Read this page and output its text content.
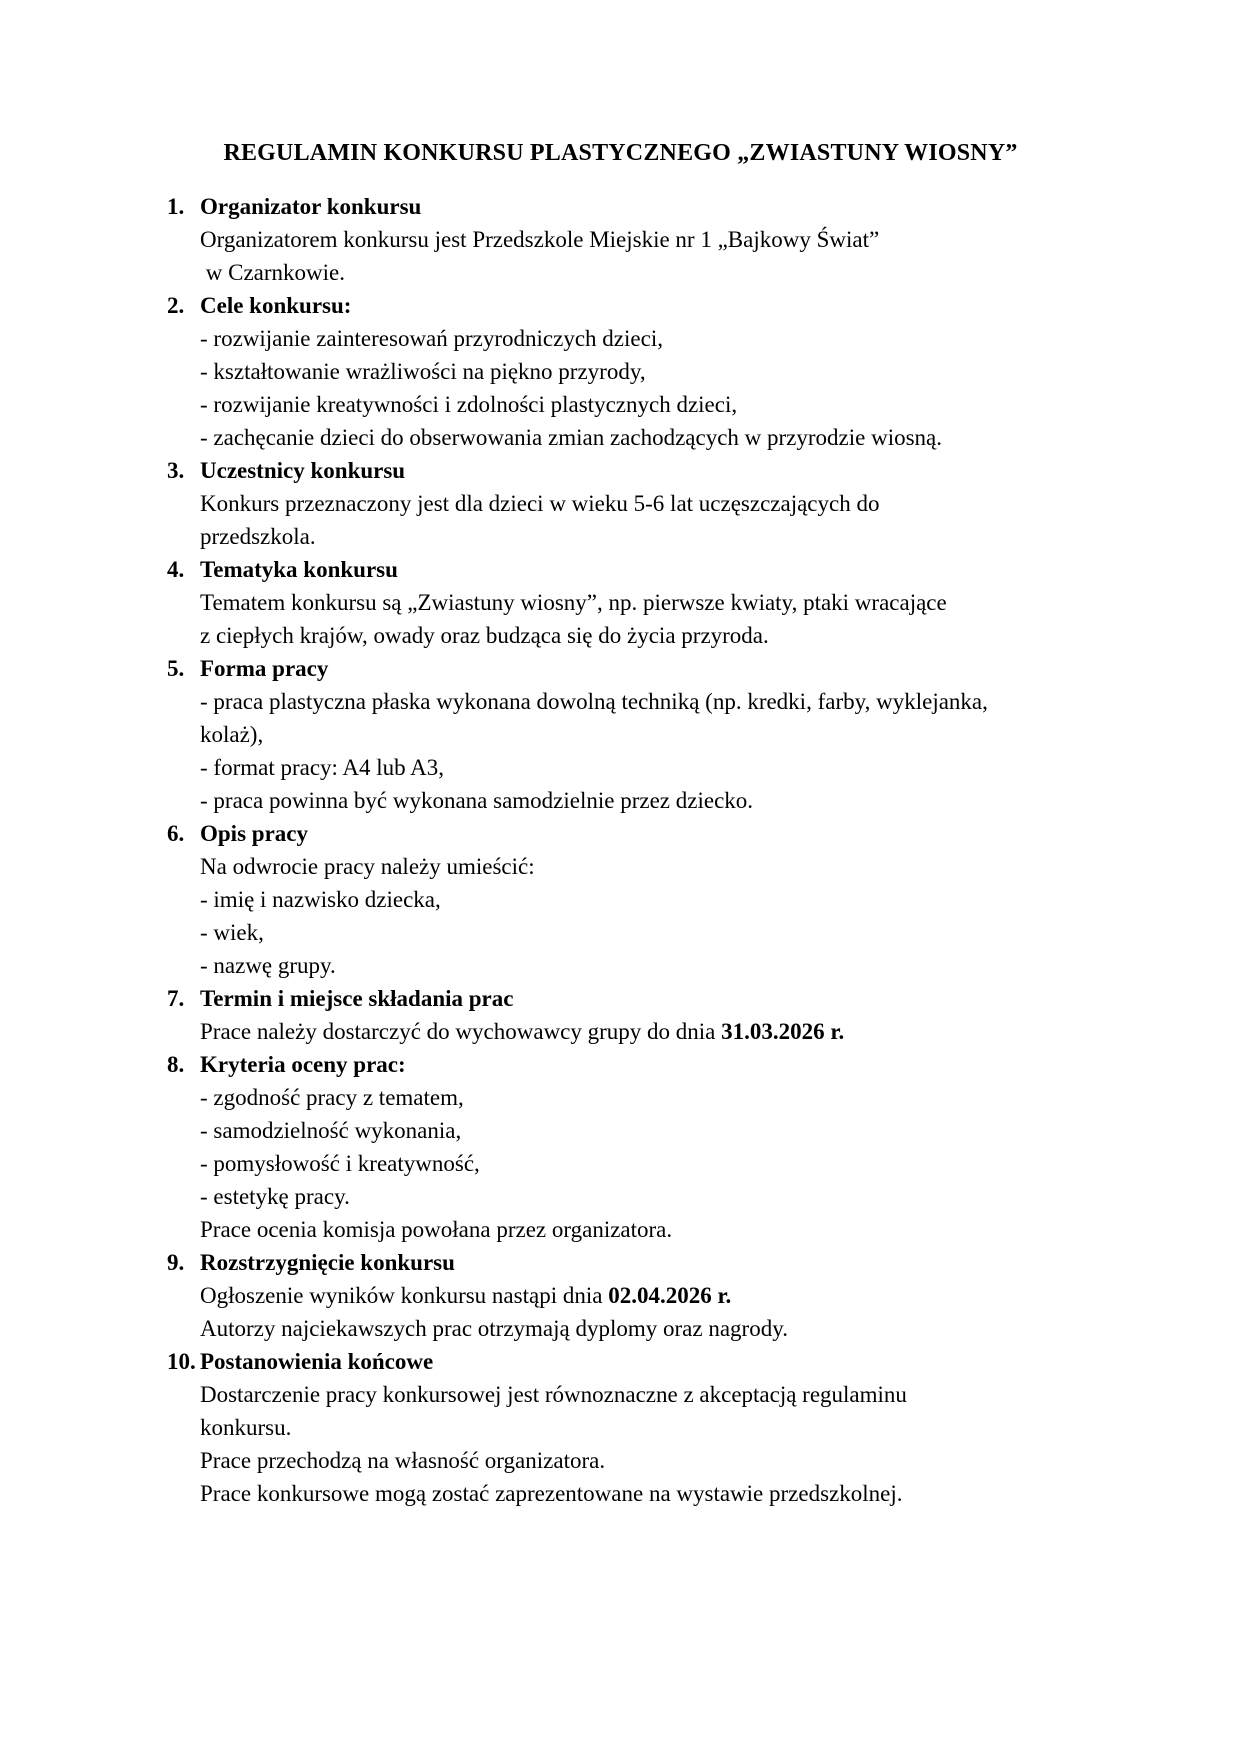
REGULAMIN KONKURSU PLASTYCZNEGO „ZWIASTUNY WIOSNY”

1. Organizator konkursu

Organizatorem konkursu jest Przedszkole Miejskie nr 1 „Bajkowy Świat”

w Czarnkowie.

2. Cele konkursu:

- rozwijanie zainteresowań przyrodniczych dzieci,

- kształtowanie wrażliwości na piękno przyrody,

- rozwijanie kreatywności i zdolności plastycznych dzieci,

- zachęcanie dzieci do obserwowania zmian zachodzących w przyrodzie wiosną.

3. Uczestnicy konkursu

Konkurs przeznaczony jest dla dzieci w wieku 5-6 lat uczęszczających do

przedszkola.

4. Tematyka konkursu

Tematem konkursu są „Zwiastuny wiosny”, np. pierwsze kwiaty, ptaki wracające

z ciepłych krajów, owady oraz budząca się do życia przyroda.

5. Forma pracy

- praca plastyczna płaska wykonana dowolną techniką (np. kredki, farby, wyklejanka,

kolaż),

- format pracy: A4 lub A3,

- praca powinna być wykonana samodzielnie przez dziecko.

6. Opis pracy

Na odwrocie pracy należy umieścić:

- imię i nazwisko dziecka,

- wiek,

- nazwę grupy.

7. Termin i miejsce składania prac

Prace należy dostarczyć do wychowawcy grupy do dnia 31.03.2026 r.

8. Kryteria oceny prac:

- zgodność pracy z tematem,

- samodzielność wykonania,

- pomysłowość i kreatywność,

- estetykę pracy.

Prace ocenia komisja powołana przez organizatora.

9. Rozstrzygnięcie konkursu

Ogłoszenie wyników konkursu nastąpi dnia 02.04.2026 r.

Autorzy najciekawszych prac otrzymają dyplomy oraz nagrody.

10. Postanowienia końcowe

Dostarczenie pracy konkursowej jest równoznaczne z akceptacją regulaminu

konkursu.

Prace przechodzą na własność organizatora.

Prace konkursowe mogą zostać zaprezentowane na wystawie przedszkolnej.
